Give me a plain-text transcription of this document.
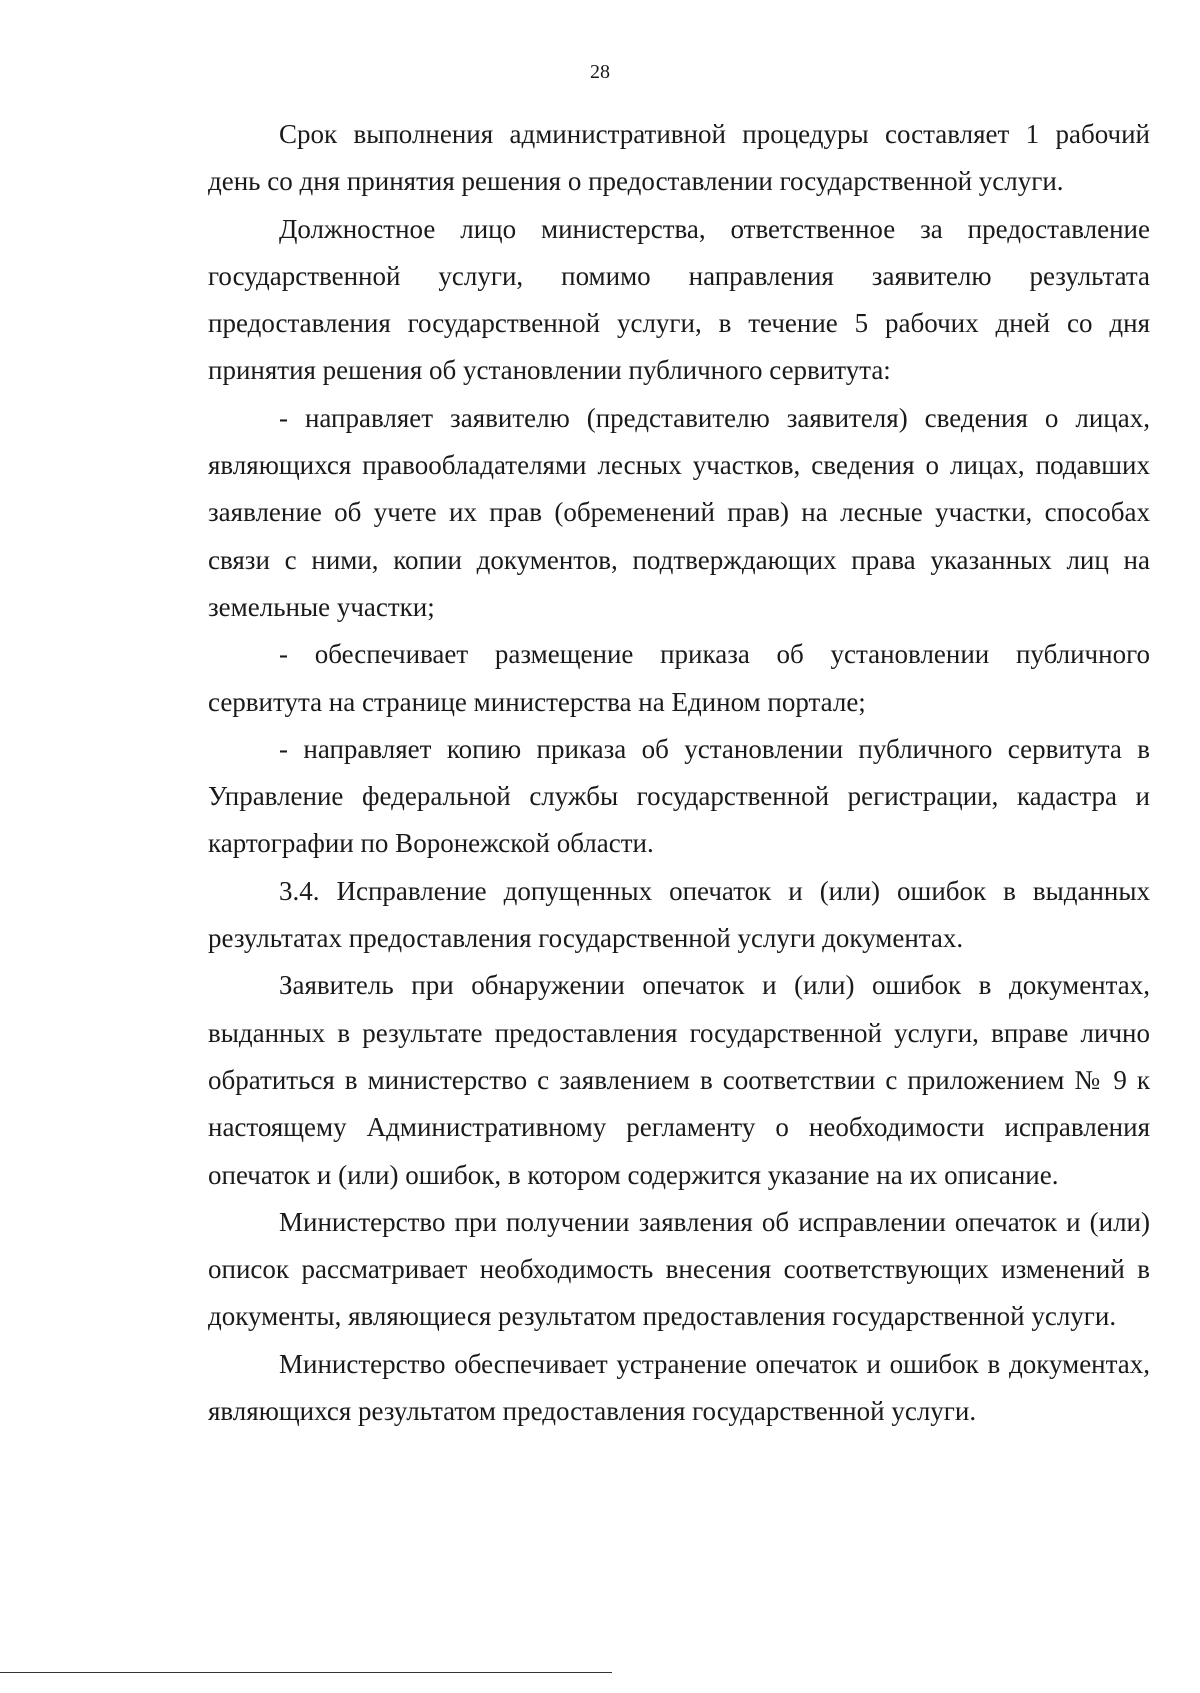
28

Срок выполнения административной процедуры составляет 1 рабочий день со дня принятия решения о предоставлении государственной услуги.

Должностное лицо министерства, ответственное за предоставление государственной услуги, помимо направления заявителю результата предоставления государственной услуги, в течение 5 рабочих дней со дня принятия решения об установлении публичного сервитута:

- направляет заявителю (представителю заявителя) сведения о лицах, являющихся правообладателями лесных участков, сведения о лицах, подавших заявление об учете их прав (обременений прав) на лесные участки, способах связи с ними, копии документов, подтверждающих права указанных лиц на земельные участки;

- обеспечивает размещение приказа об установлении публичного сервитута на странице министерства на Едином портале;

- направляет копию приказа об установлении публичного сервитута в Управление федеральной службы государственной регистрации, кадастра и картографии по Воронежской области.

3.4. Исправление допущенных опечаток и (или) ошибок в выданных результатах предоставления государственной услуги документах.

Заявитель при обнаружении опечаток и (или) ошибок в документах, выданных в результате предоставления государственной услуги, вправе лично обратиться в министерство с заявлением в соответствии с приложением № 9 к настоящему Административному регламенту о необходимости исправления опечаток и (или) ошибок, в котором содержится указание на их описание.

Министерство при получении заявления об исправлении опечаток и (или) описок рассматривает необходимость внесения соответствующих изменений в документы, являющиеся результатом предоставления государственной услуги.

Министерство обеспечивает устранение опечаток и ошибок в документах, являющихся результатом предоставления государственной услуги.
